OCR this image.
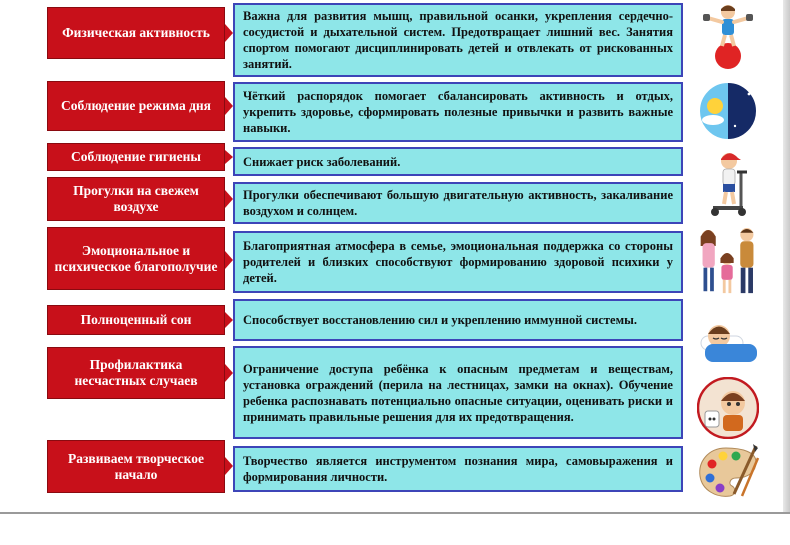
Физическая активность
Важна для развития мышц, правильной осанки, укрепления сердечно-сосудистой и дыхательной систем. Предотвращает лишний вес. Занятия спортом помогают дисциплинировать детей и отвлекать от рискованных занятий.
Соблюдение режима дня
Чёткий распорядок помогает сбалансировать активность и отдых, укрепить здоровье, сформировать полезные привычки и развить важные навыки.
Соблюдение гигиены	Снижает риск заболеваний.
Прогулки на свежем воздухе
Прогулки обеспечивают большую двигательную активность, закаливание воздухом и солнцем.
Эмоциональное и психическое благополучие
Благоприятная атмосфера в семье, эмоциональная поддержка со стороны родителей и близких способствуют формированию здоровой психики у детей.
Полноценный сон	Способствует восстановлению сил и укреплению иммунной системы.
Профилактика несчастных случаев
Ограничение доступа ребёнка к опасным предметам и веществам, установка ограждений (перила на лестницах, замки на окнах). Обучение ребенка распознавать потенциально опасные ситуации, оценивать риски и принимать правильные решения для их предотвращения.
Развиваем творческое начало
Творчество является инструментом познания мира, самовыражения и формирования личности.
